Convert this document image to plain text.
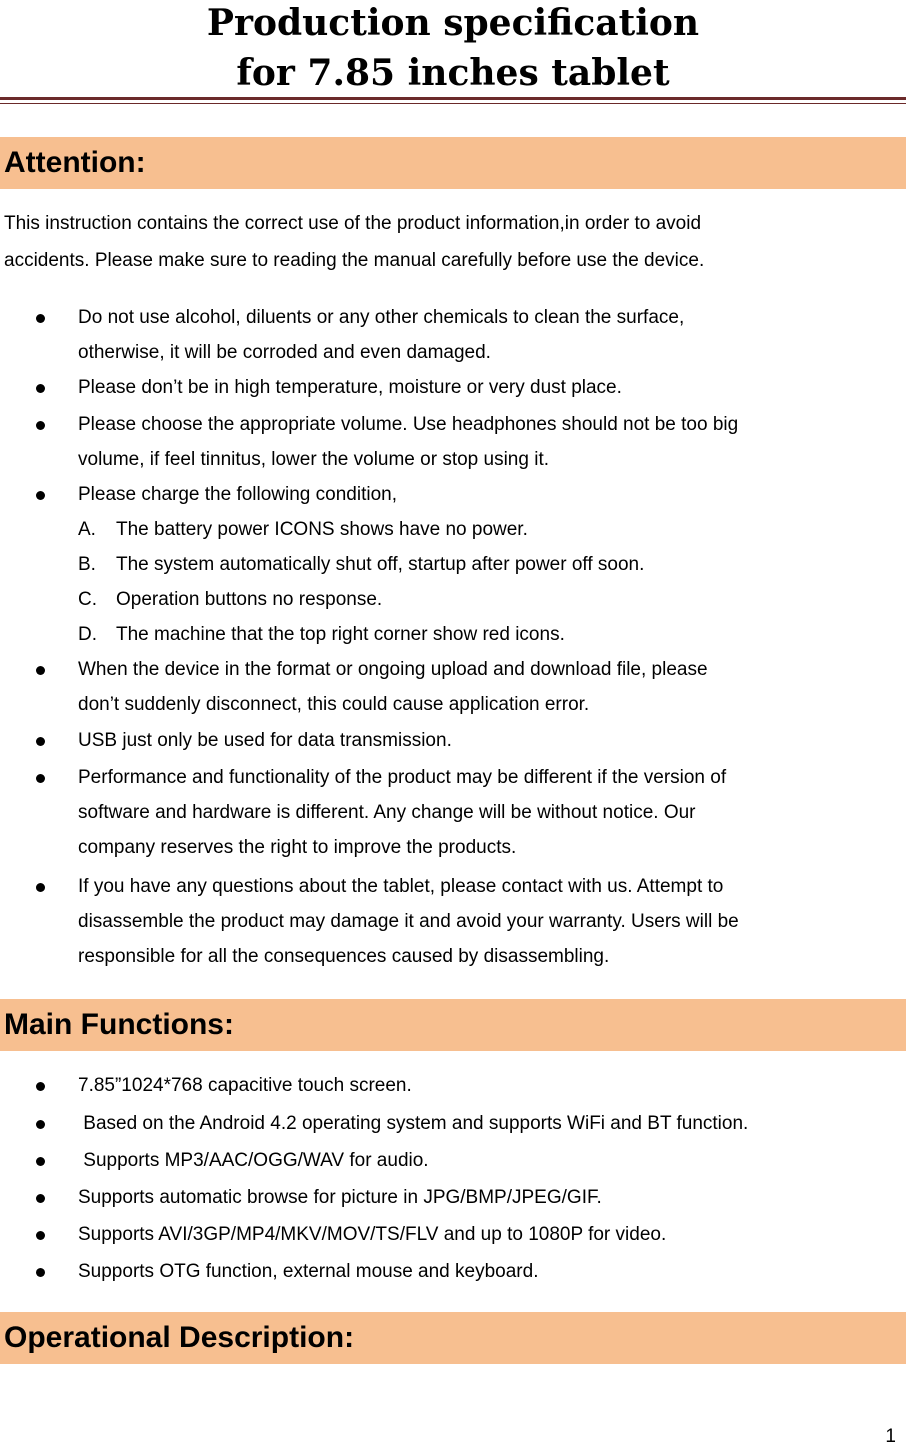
Production specification
for 7.85 inches tablet
Attention:
This instruction contains the correct use of the product information,in order to avoid
accidents. Please make sure to reading the manual carefully before use the device.
Do not use alcohol, diluents or any other chemicals to clean the surface,
otherwise, it will be corroded and even damaged.
Please don’t be in high temperature, moisture or very dust place.
Please choose the appropriate volume. Use headphones should not be too big
volume, if feel tinnitus, lower the volume or stop using it.
Please charge the following condition,
A. The battery power ICONS shows have no power.
B. The system automatically shut off, startup after power off soon.
C. Operation buttons no response.
D. The machine that the top right corner show red icons.
When the device in the format or ongoing upload and download file, please
don’t suddenly disconnect, this could cause application error.
USB just only be used for data transmission.
Performance and functionality of the product may be different if the version of
software and hardware is different. Any change will be without notice. Our
company reserves the right to improve the products.
If you have any questions about the tablet, please contact with us. Attempt to
disassemble the product may damage it and avoid your warranty. Users will be
responsible for all the consequences caused by disassembling.
Main Functions:
7.85”1024*768 capacitive touch screen.
Based on the Android 4.2 operating system and supports WiFi and BT function.
Supports MP3/AAC/OGG/WAV for audio.
Supports automatic browse for picture in JPG/BMP/JPEG/GIF.
Supports AVI/3GP/MP4/MKV/MOV/TS/FLV and up to 1080P for video.
Supports OTG function, external mouse and keyboard.
Operational Description:
1
